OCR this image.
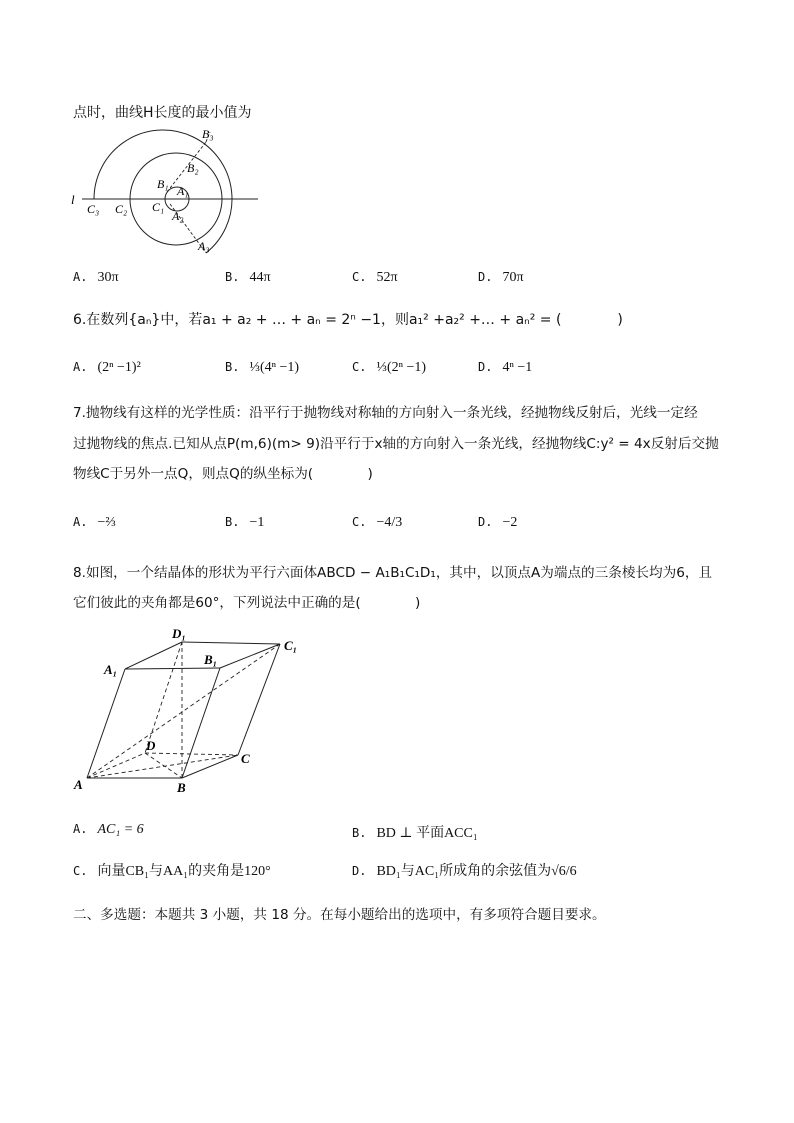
点时，曲线H长度的最小值为
l
C₃ C₂ C₁
B₁ A₁
A₂
B₂
B₃
A₃
A. 30π	B. 44π	C. 52π	D. 70π
6.在数列{aₙ}中，若a₁ + a₂ + … + aₙ = 2ⁿ −1，则a₁² +a₂² +… + aₙ² = (　　　　)
A. (2ⁿ −1)²	B. ⅓(4ⁿ −1)	C. ⅓(2ⁿ −1)	D. 4ⁿ −1
7.抛物线有这样的光学性质：沿平行于抛物线对称轴的方向射入一条光线，经抛物线反射后，光线一定经
过抛物线的焦点.已知从点P(m,6)(m> 9)沿平行于x轴的方向射入一条光线，经抛物线C:y² = 4x反射后交抛
物线C于另外一点Q，则点Q的纵坐标为(　　　　)
A. −⅔	B. −1	C. −4/3	D. −2
8.如图，一个结晶体的形状为平行六面体ABCD − A₁B₁C₁D₁，其中，以顶点A为端点的三条棱长均为6，且
它们彼此的夹角都是60°，下列说法中正确的是(　　　　)
A	B
C
D
A₁
B₁
C₁
D₁
A. AC₁ = 6	B. BD ⊥ 平面ACC₁
C. 向量CB₁与AA₁的夹角是120°	D. BD₁与AC₁所成角的余弦值为√6/6
二、多选题：本题共 3 小题，共 18 分。在每小题给出的选项中，有多项符合题目要求。
